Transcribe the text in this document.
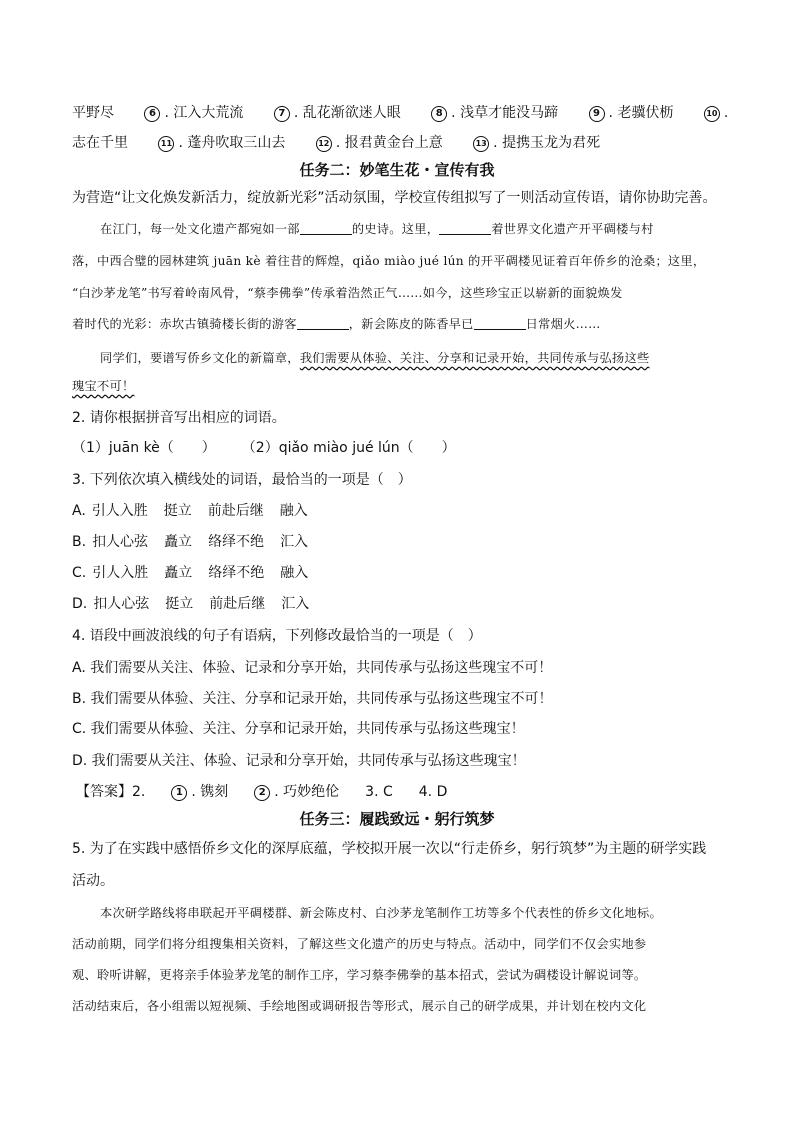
平野尽	6 . 江入大荒流	7 . 乱花渐欲迷人眼	8 . 浅草才能没马蹄	9 . 老骥伏枥	10 .
志在千里	11 . 蓬舟吹取三山去	12 . 报君黄金台上意	13 . 提携玉龙为君死
任务二：妙笔生花・宣传有我
为营造“让文化焕发新活力，绽放新光彩”活动氛围，学校宣传组拟写了一则活动宣传语，请你协助完善。
在江门，每一处文化遗产都宛如一部	的史诗。这里，	着世界文化遗产开平碉楼与村
落，中西合璧的园林建筑 juān kè 着往昔的辉煌，qiǎo miào jué lún 的开平碉楼见证着百年侨乡的沧桑；这里，
“白沙茅龙笔”书写着岭南风骨，“蔡李佛拳”传承着浩然正气……如今，这些珍宝正以崭新的面貌焕发
着时代的光彩：赤坎古镇骑楼长街的游客	，新会陈皮的陈香早已	日常烟火……
同学们，要谱写侨乡文化的新篇章，我们需要从体验、关注、分享和记录开始，共同传承与弘扬这些
瑰宝不可！
2. 请你根据拼音写出相应的词语。
（1）juān kè（　　） （2）qiǎo miào jué lún（　　）
3. 下列依次填入横线处的词语，最恰当的一项是（　）
A. 引人入胜 挺立 前赴后继 融入
B. 扣人心弦 矗立 络绎不绝 汇入
C. 引人入胜 矗立 络绎不绝 融入
D. 扣人心弦 挺立 前赴后继 汇入
4. 语段中画波浪线的句子有语病，下列修改最恰当的一项是（　）
A. 我们需要从关注、体验、记录和分享开始，共同传承与弘扬这些瑰宝不可！
B. 我们需要从体验、关注、分享和记录开始，共同传承与弘扬这些瑰宝不可！
C. 我们需要从体验、关注、分享和记录开始，共同传承与弘扬这些瑰宝！
D. 我们需要从关注、体验、记录和分享开始，共同传承与弘扬这些瑰宝！
【答案】2.	1 . 镌刻	2 . 巧妙绝伦 3. C 4. D
任务三：履践致远・躬行筑梦
5. 为了在实践中感悟侨乡文化的深厚底蕴，学校拟开展一次以“行走侨乡，躬行筑梦”为主题的研学实践
活动。
本次研学路线将串联起开平碉楼群、新会陈皮村、白沙茅龙笔制作工坊等多个代表性的侨乡文化地标。
活动前期，同学们将分组搜集相关资料，了解这些文化遗产的历史与特点。活动中，同学们不仅会实地参
观、聆听讲解，更将亲手体验茅龙笔的制作工序，学习蔡李佛拳的基本招式，尝试为碉楼设计解说词等。
活动结束后，各小组需以短视频、手绘地图或调研报告等形式，展示自己的研学成果，并计划在校内文化
